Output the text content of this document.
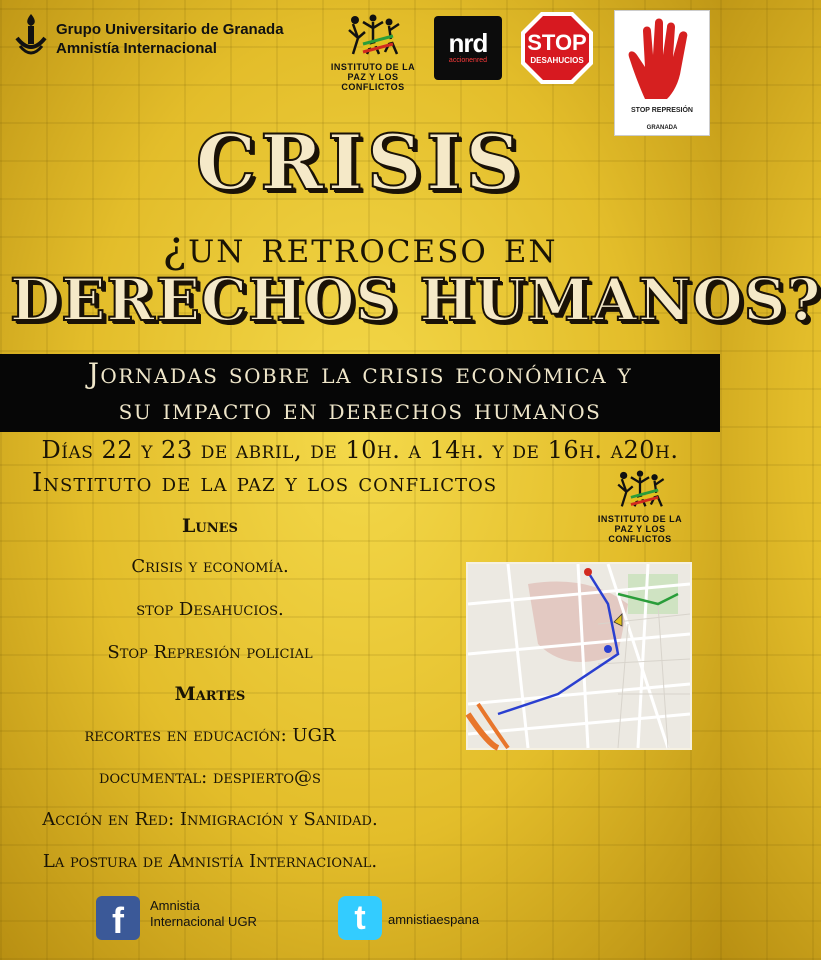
Grupo Universitario de Granada
Amnistía Internacional
INSTITUTO DE LA PAZ Y LOS CONFLICTOS
nrd
accionenred
STOP
DESAHUCIOS
STOP REPRESIÓN
GRANADA
CRISIS
¿un retroceso en
DERECHOS HUMANOS?
Jornadas sobre la crisis económica y
su impacto en derechos humanos
Días 22 y 23 de abril, de 10h. a 14h. y de 16h. a20h.
Instituto de la paz y los conflictos
INSTITUTO DE LA PAZ Y LOS CONFLICTOS
Lunes
Crisis y economía.
stop Desahucios.
Stop Represión policial
Martes
recortes en educación: UGR
documental: despierto@s
Acción en Red: Inmigración y Sanidad.
La postura de Amnistía Internacional.
f	Amnistia
Internacional UGR	t	amnistiaespana
